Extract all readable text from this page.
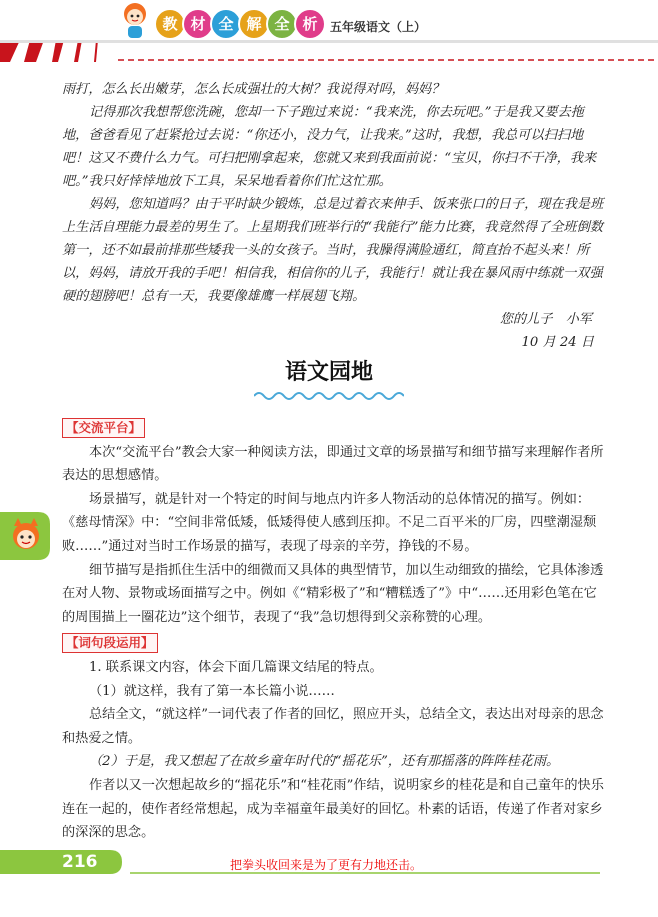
教 材 全 解 全 析	五年级语文（上）

雨打，怎么长出嫩芽，怎么长成强壮的大树？我说得对吗，妈妈？

记得那次我想帮您洗碗，您却一下子跑过来说：“我来洗，你去玩吧。”于是我又要去拖地，爸爸看见了赶紧抢过去说：“你还小，没力气，让我来。”这时，我想，我总可以扫扫地吧！这又不费什么力气。可扫把刚拿起来，您就又来到我面前说：“宝贝，你扫不干净，我来吧。”我只好悻悻地放下工具，呆呆地看着你们忙这忙那。

妈妈，您知道吗？由于平时缺少锻炼，总是过着衣来伸手、饭来张口的日子，现在我是班上生活自理能力最差的男生了。上星期我们班举行的“我能行”能力比赛，我竟然得了全班倒数第一，还不如最前排那些矮我一头的女孩子。当时，我臊得满脸通红，简直抬不起头来！所以，妈妈，请放开我的手吧！相信我，相信你的儿子，我能行！就让我在暴风雨中练就一双强硬的翅膀吧！总有一天，我要像雄鹰一样展翅飞翔。

您的儿子　小军

10 月 24 日

语文园地
【交流平台】

本次“交流平台”教会大家一种阅读方法，即通过文章的场景描写和细节描写来理解作者所表达的思想感情。

场景描写，就是针对一个特定的时间与地点内许多人物活动的总体情况的描写。例如：《慈母情深》中：“空间非常低矮，低矮得使人感到压抑。不足二百平米的厂房，四壁潮湿颓败……”通过对当时工作场景的描写，表现了母亲的辛劳，挣钱的不易。

细节描写是指抓住生活中的细微而又具体的典型情节，加以生动细致的描绘，它具体渗透在对人物、景物或场面描写之中。例如《“精彩极了”和“糟糕透了”》中“……还用彩色笔在它的周围描上一圈花边”这个细节，表现了“我”急切想得到父亲称赞的心理。

【词句段运用】

1. 联系课文内容，体会下面几篇课文结尾的特点。

（1）就这样，我有了第一本长篇小说……

总结全文，“就这样”一词代表了作者的回忆，照应开头，总结全文，表达出对母亲的思念和热爱之情。

（2）于是，我又想起了在故乡童年时代的“摇花乐”，还有那摇落的阵阵桂花雨。

作者以又一次想起故乡的“摇花乐”和“桂花雨”作结，说明家乡的桂花是和自己童年的快乐连在一起的，使作者经常想起，成为幸福童年最美好的回忆。朴素的话语，传递了作者对家乡的深深的思念。

216	把拳头收回来是为了更有力地还击。
